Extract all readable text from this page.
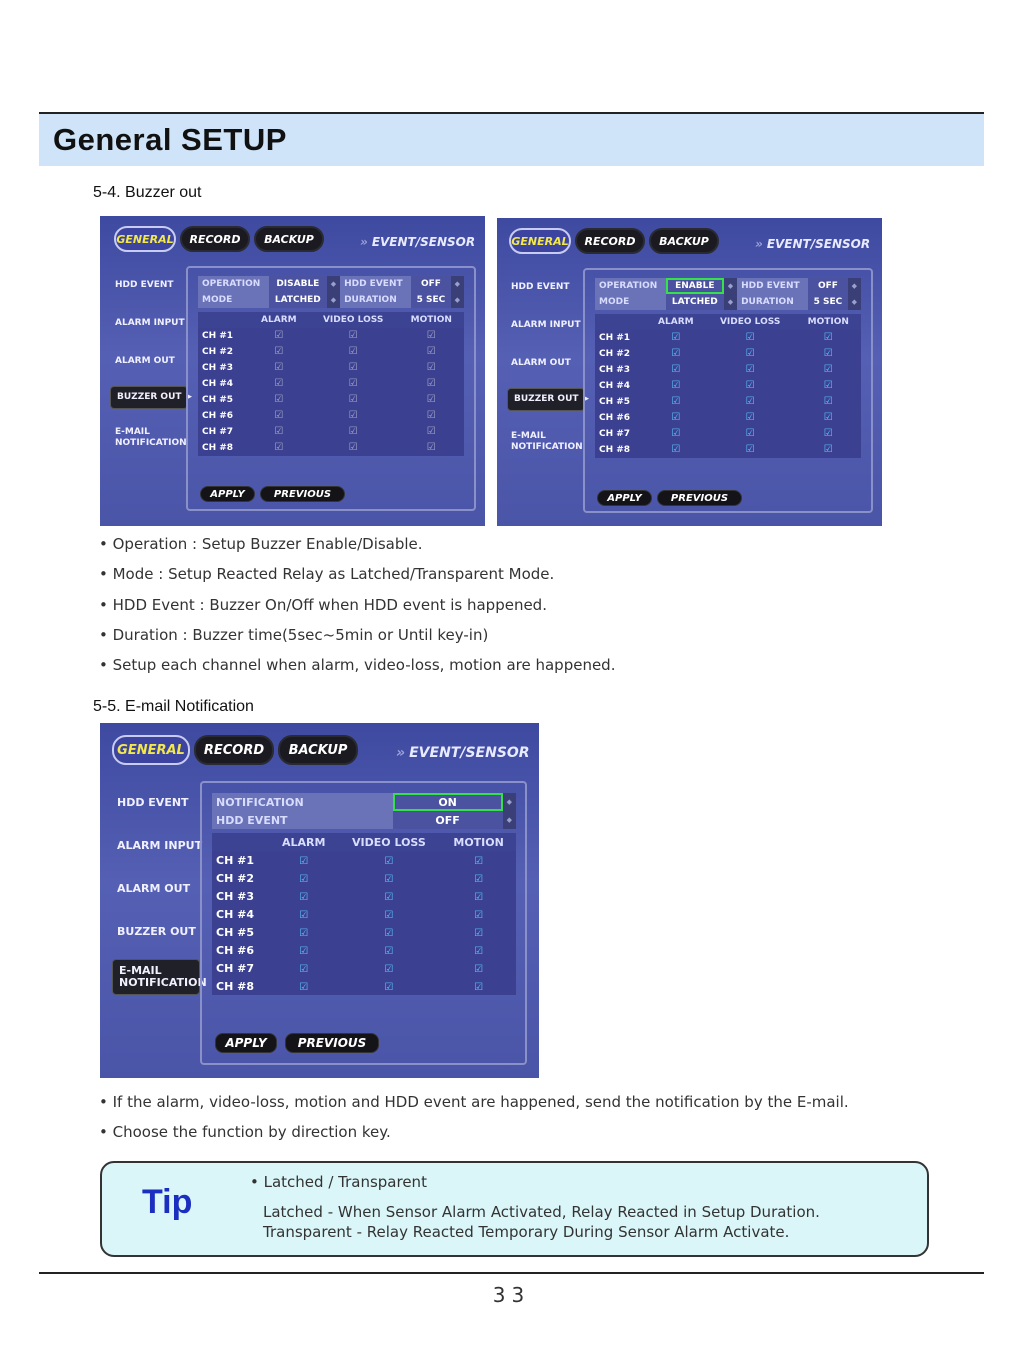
General SETUP
5-4. Buzzer out
GENERAL	RECORD	BACKUP	» EVENT/SENSOR
HDD EVENT
ALARM INPUT
ALARM OUT
BUZZER OUT ▸
E-MAIL
NOTIFICATION
OPERATION	DISABLE	◆	HDD EVENT	OFF	◆
MODE	LATCHED	◆	DURATION	5 SEC	◆
	ALARM	VIDEO LOSS	MOTION
CH #1	☑	☑	☑
CH #2	☑	☑	☑
CH #3	☑	☑	☑
CH #4	☑	☑	☑
CH #5	☑	☑	☑
CH #6	☑	☑	☑
CH #7	☑	☑	☑
CH #8	☑	☑	☑
APPLY	PREVIOUS
GENERAL	RECORD	BACKUP	» EVENT/SENSOR
HDD EVENT
ALARM INPUT
ALARM OUT
BUZZER OUT ▸
E-MAIL
NOTIFICATION
OPERATION	ENABLE	◆	HDD EVENT	OFF	◆
MODE	LATCHED	◆	DURATION	5 SEC	◆
	ALARM	VIDEO LOSS	MOTION
CH #1	☑	☑	☑
CH #2	☑	☑	☑
CH #3	☑	☑	☑
CH #4	☑	☑	☑
CH #5	☑	☑	☑
CH #6	☑	☑	☑
CH #7	☑	☑	☑
CH #8	☑	☑	☑
APPLY	PREVIOUS
• Operation : Setup Buzzer Enable/Disable.
• Mode : Setup Reacted Relay as Latched/Transparent Mode.
• HDD Event : Buzzer On/Off when HDD event is happened.
• Duration : Buzzer time(5sec~5min or Until key-in)
• Setup each channel when alarm, video-loss, motion are happened.
5-5. E-mail Notification
GENERAL	RECORD	BACKUP	» EVENT/SENSOR
HDD EVENT
ALARM INPUT
ALARM OUT
BUZZER OUT
E-MAIL
NOTIFICATION
NOTIFICATION	ON	◆
HDD EVENT	OFF	◆
	ALARM	VIDEO LOSS	MOTION
CH #1	☑	☑	☑
CH #2	☑	☑	☑
CH #3	☑	☑	☑
CH #4	☑	☑	☑
CH #5	☑	☑	☑
CH #6	☑	☑	☑
CH #7	☑	☑	☑
CH #8	☑	☑	☑
APPLY	PREVIOUS
• If the alarm, video-loss, motion and HDD event are happened, send the notification by the E-mail.
• Choose the function by direction key.
Tip
• Latched / Transparent
Latched - When Sensor Alarm Activated, Relay Reacted in Setup Duration.
Transparent - Relay Reacted Temporary During Sensor Alarm Activate.
33
